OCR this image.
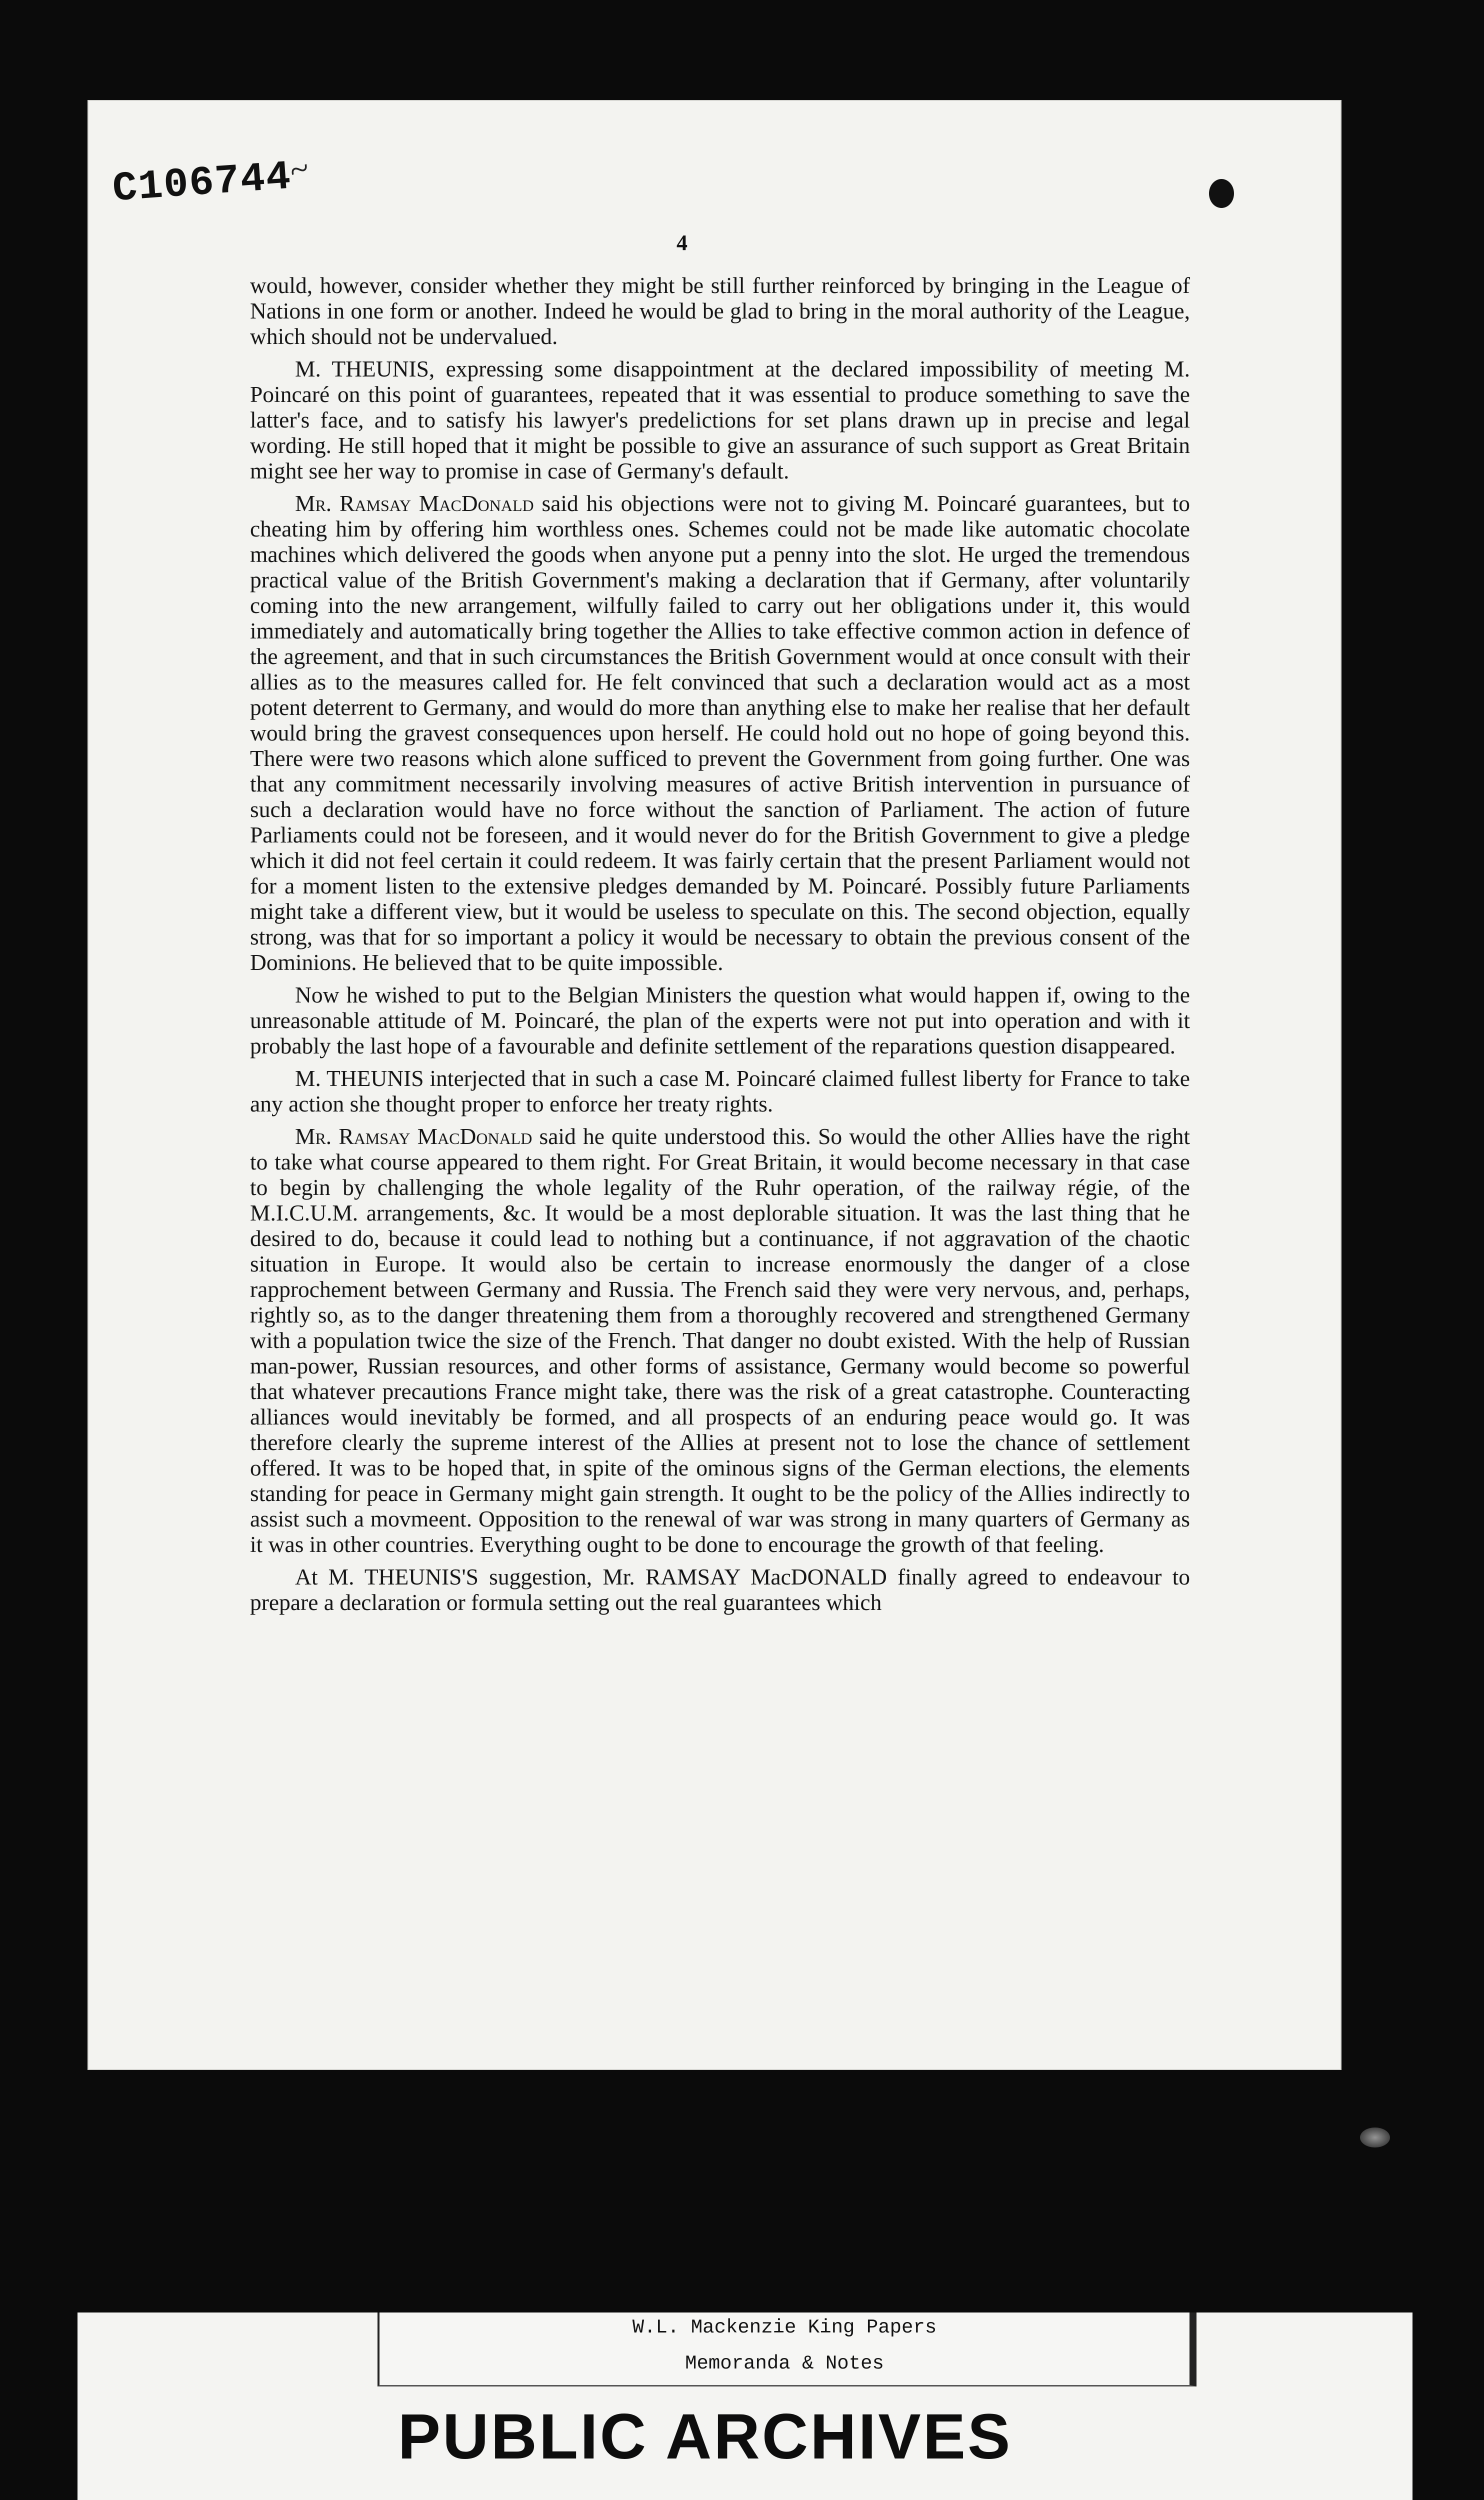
C106744
~
4

would, however, consider whether they might be still further reinforced by bringing in the League of Nations in one form or another. Indeed he would be glad to bring in the moral authority of the League, which should not be undervalued.

M. THEUNIS, expressing some disappointment at the declared impossibility of meeting M. Poincaré on this point of guarantees, repeated that it was essential to produce something to save the latter's face, and to satisfy his lawyer's predelictions for set plans drawn up in precise and legal wording. He still hoped that it might be possible to give an assurance of such support as Great Britain might see her way to promise in case of Germany's default.

Mr. Ramsay MacDonald said his objections were not to giving M. Poincaré guarantees, but to cheating him by offering him worthless ones. Schemes could not be made like automatic chocolate machines which delivered the goods when anyone put a penny into the slot. He urged the tremendous practical value of the British Government's making a declaration that if Germany, after voluntarily coming into the new arrangement, wilfully failed to carry out her obligations under it, this would immediately and automatically bring together the Allies to take effective common action in defence of the agreement, and that in such circumstances the British Government would at once consult with their allies as to the measures called for. He felt convinced that such a declaration would act as a most potent deterrent to Germany, and would do more than anything else to make her realise that her default would bring the gravest consequences upon herself. He could hold out no hope of going beyond this. There were two reasons which alone sufficed to prevent the Government from going further. One was that any commitment necessarily involving measures of active British intervention in pursuance of such a declaration would have no force without the sanction of Parliament. The action of future Parliaments could not be foreseen, and it would never do for the British Government to give a pledge which it did not feel certain it could redeem. It was fairly certain that the present Parliament would not for a moment listen to the extensive pledges demanded by M. Poincaré. Possibly future Parliaments might take a different view, but it would be useless to speculate on this. The second objection, equally strong, was that for so important a policy it would be necessary to obtain the previous consent of the Dominions. He believed that to be quite impossible.

Now he wished to put to the Belgian Ministers the question what would happen if, owing to the unreasonable attitude of M. Poincaré, the plan of the experts were not put into operation and with it probably the last hope of a favourable and definite settlement of the reparations question disappeared.

M. THEUNIS interjected that in such a case M. Poincaré claimed fullest liberty for France to take any action she thought proper to enforce her treaty rights.

Mr. Ramsay MacDonald said he quite understood this. So would the other Allies have the right to take what course appeared to them right. For Great Britain, it would become necessary in that case to begin by challenging the whole legality of the Ruhr operation, of the railway régie, of the M.I.C.U.M. arrangements, &c. It would be a most deplorable situation. It was the last thing that he desired to do, because it could lead to nothing but a continuance, if not aggravation of the chaotic situation in Europe. It would also be certain to increase enormously the danger of a close rapprochement between Germany and Russia. The French said they were very nervous, and, perhaps, rightly so, as to the danger threatening them from a thoroughly recovered and strengthened Germany with a population twice the size of the French. That danger no doubt existed. With the help of Russian man-power, Russian resources, and other forms of assistance, Germany would become so powerful that whatever precautions France might take, there was the risk of a great catastrophe. Counteracting alliances would inevitably be formed, and all prospects of an enduring peace would go. It was therefore clearly the supreme interest of the Allies at present not to lose the chance of settlement offered. It was to be hoped that, in spite of the ominous signs of the German elections, the elements standing for peace in Germany might gain strength. It ought to be the policy of the Allies indirectly to assist such a movmeent. Opposition to the renewal of war was strong in many quarters of Germany as it was in other countries. Everything ought to be done to encourage the growth of that feeling.

At M. THEUNIS'S suggestion, Mr. RAMSAY MacDONALD finally agreed to endeavour to prepare a declaration or formula setting out the real guarantees which

W.L. Mackenzie King Papers
Memoranda & Notes
PUBLIC ARCHIVES
